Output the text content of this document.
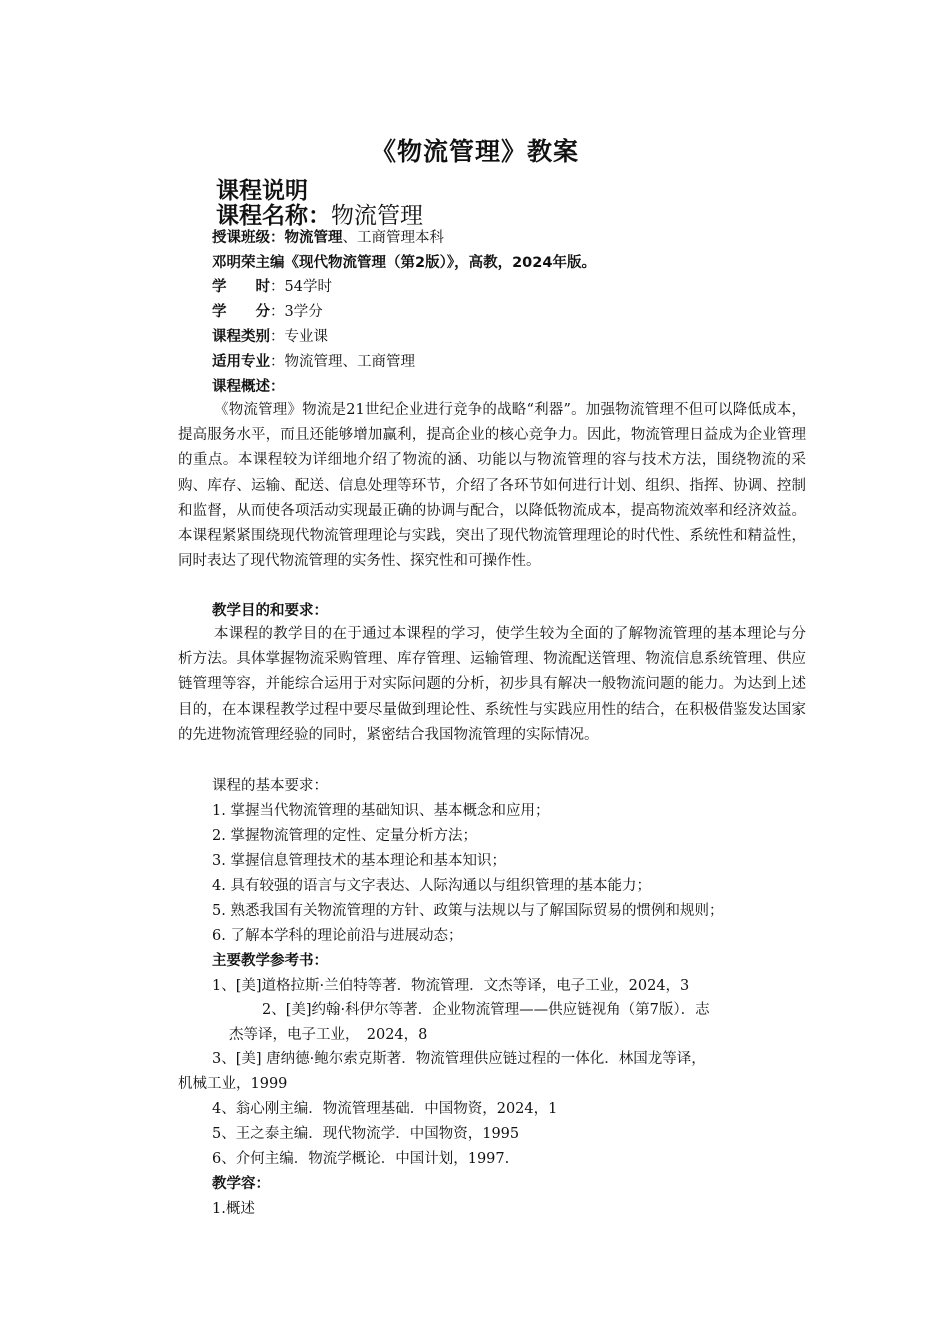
《物流管理》教案
课程说明
课程名称：物流管理
授课班级：物流管理、工商管理本科
邓明荣主编《现代物流管理（第2版）》，高教，2024年版。
学　　时：54学时
学　　分：3学分
课程类别：专业课
适用专业：物流管理、工商管理
课程概述：
《物流管理》物流是21世纪企业进行竞争的战略“利器”。加强物流管理不但可以降低成本，提高服务水平，而且还能够增加赢利，提高企业的核心竞争力。因此，物流管理日益成为企业管理的重点。本课程较为详细地介绍了物流的涵、功能以与物流管理的容与技术方法，围绕物流的采购、库存、运输、配送、信息处理等环节，介绍了各环节如何进行计划、组织、指挥、协调、控制和监督，从而使各项活动实现最正确的协调与配合，以降低物流成本，提高物流效率和经济效益。本课程紧紧围绕现代物流管理理论与实践，突出了现代物流管理理论的时代性、系统性和精益性，同时表达了现代物流管理的实务性、探究性和可操作性。
教学目的和要求：
本课程的教学目的在于通过本课程的学习，使学生较为全面的了解物流管理的基本理论与分析方法。具体掌握物流采购管理、库存管理、运输管理、物流配送管理、物流信息系统管理、供应链管理等容，并能综合运用于对实际问题的分析，初步具有解决一般物流问题的能力。为达到上述目的，在本课程教学过程中要尽量做到理论性、系统性与实践应用性的结合，在积极借鉴发达国家的先进物流管理经验的同时，紧密结合我国物流管理的实际情况。
课程的基本要求：
1. 掌握当代物流管理的基础知识、基本概念和应用；
2. 掌握物流管理的定性、定量分析方法；
3. 掌握信息管理技术的基本理论和基本知识；
4. 具有较强的语言与文字表达、人际沟通以与组织管理的基本能力；
5. 熟悉我国有关物流管理的方针、政策与法规以与了解国际贸易的惯例和规则；
6. 了解本学科的理论前沿与进展动态；
主要教学参考书：
1、[美]道格拉斯·兰伯特等著．物流管理．文杰等译，电子工业，2024，3
2、[美]约翰·科伊尔等著．企业物流管理——供应链视角（第7版）．志
杰等译，电子工业，　2024，8
3、[美] 唐纳德·鲍尔索克斯著．物流管理供应链过程的一体化．林国龙等译，
机械工业，1999
4、翁心刚主编．物流管理基础．中国物资，2024，1
5、王之泰主编．现代物流学．中国物资，1995
6、介何主编．物流学概论．中国计划，1997.
教学容：
1.概述
